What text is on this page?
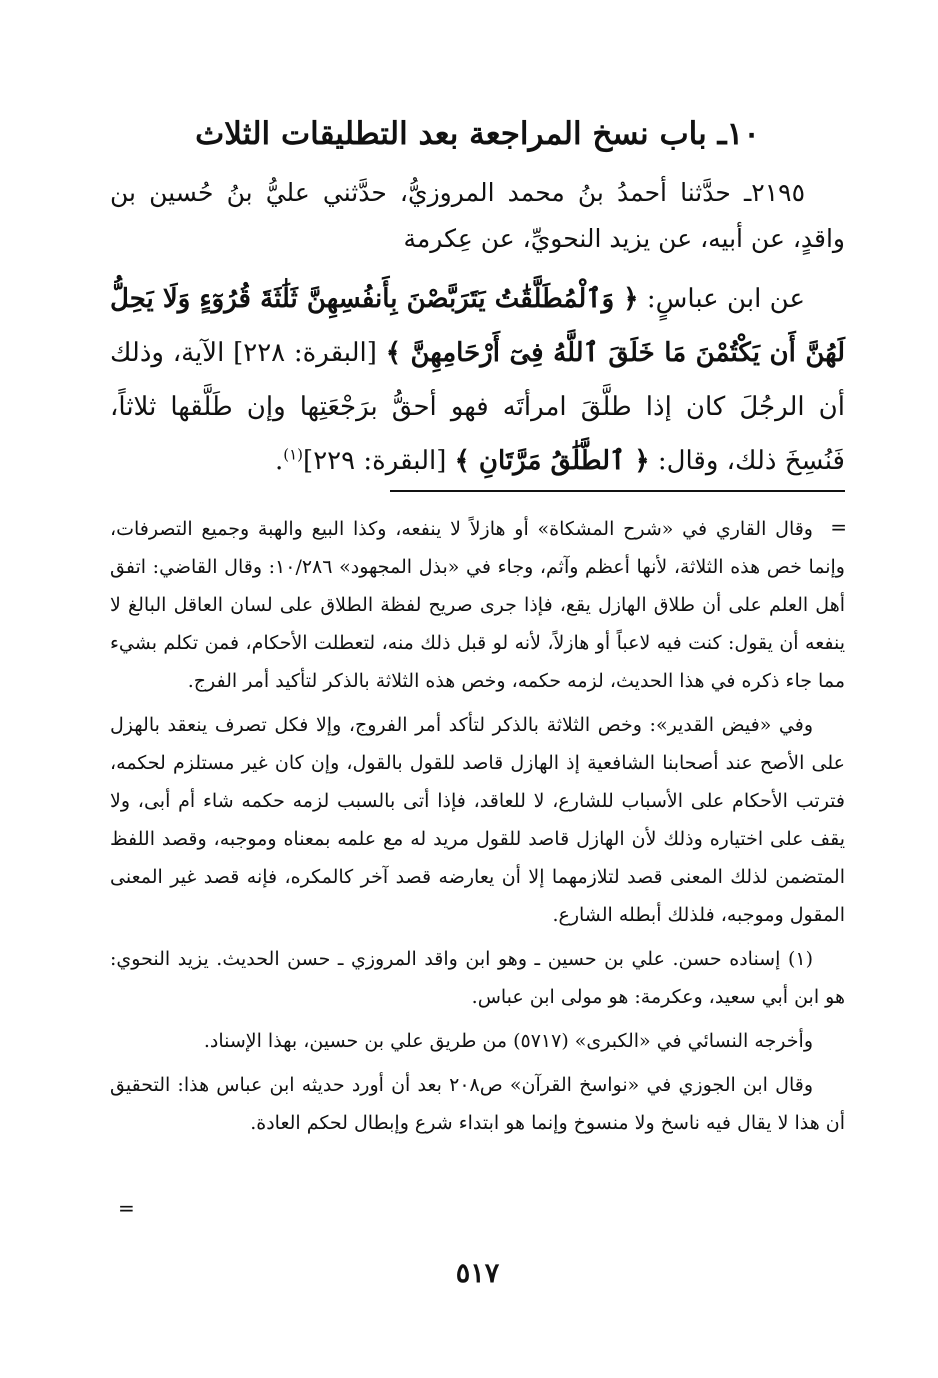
١٠ـ باب نسخ المراجعة بعد التطليقات الثلاث

٢١٩٥ـ حدَّثنا أحمدُ بنُ محمد المروزيُّ، حدَّثني عليُّ بنُ حُسين بن واقدٍ، عن أبيه، عن يزيد النحويِّ، عن عِكرمة

عن ابن عباسٍ: ﴿ وَٱلْمُطَلَّقَٰتُ يَتَرَبَّصْنَ بِأَنفُسِهِنَّ ثَلَٰثَةَ قُرُوٓءٍ وَلَا يَحِلُّ لَهُنَّ أَن يَكْتُمْنَ مَا خَلَقَ ٱللَّهُ فِىٓ أَرْحَامِهِنَّ ﴾ [البقرة: ٢٢٨] الآية، وذلك أن الرجُلَ كان إذا طلَّقَ امرأتَه فهو أحقُّ برَجْعَتِها وإن طَلَّقها ثلاثاً، فَنُسِخَ ذلك، وقال: ﴿ ٱلطَّلَٰقُ مَرَّتَانِ ﴾ [البقرة: ٢٢٩]$^{(١)}$.

=

وقال القاري في «شرح المشكاة» أو هازلاً لا ينفعه، وكذا البيع والهبة وجميع التصرفات، وإنما خص هذه الثلاثة، لأنها أعظم وآثم، وجاء في «بذل المجهود» ١٠/٢٨٦: وقال القاضي: اتفق أهل العلم على أن طلاق الهازل يقع، فإذا جرى صريح لفظة الطلاق على لسان العاقل البالغ لا ينفعه أن يقول: كنت فيه لاعباً أو هازلاً، لأنه لو قبل ذلك منه، لتعطلت الأحكام، فمن تكلم بشيء مما جاء ذكره في هذا الحديث، لزمه حكمه، وخص هذه الثلاثة بالذكر لتأكيد أمر الفرج.

وفي «فيض القدير»: وخص الثلاثة بالذكر لتأكد أمر الفروج، وإلا فكل تصرف ينعقد بالهزل على الأصح عند أصحابنا الشافعية إذ الهازل قاصد للقول بالقول، وإن كان غير مستلزم لحكمه، فترتب الأحكام على الأسباب للشارع، لا للعاقد، فإذا أتى بالسبب لزمه حكمه شاء أم أبى، ولا يقف على اختياره وذلك لأن الهازل قاصد للقول مريد له مع علمه بمعناه وموجبه، وقصد اللفظ المتضمن لذلك المعنى قصد لتلازمهما إلا أن يعارضه قصد آخر كالمكره، فإنه قصد غير المعنى المقول وموجبه، فلذلك أبطله الشارع.

(١) إسناده حسن. علي بن حسين ـ وهو ابن واقد المروزي ـ حسن الحديث. يزيد النحوي: هو ابن أبي سعيد، وعكرمة: هو مولى ابن عباس.

وأخرجه النسائي في «الكبرى» (٥٧١٧) من طريق علي بن حسين، بهذا الإسناد.

وقال ابن الجوزي في «نواسخ القرآن» ص٢٠٨ بعد أن أورد حديثه ابن عباس هذا: التحقيق أن هذا لا يقال فيه ناسخ ولا منسوخ وإنما هو ابتداء شرع وإبطال لحكم العادة.

=
٥١٧
